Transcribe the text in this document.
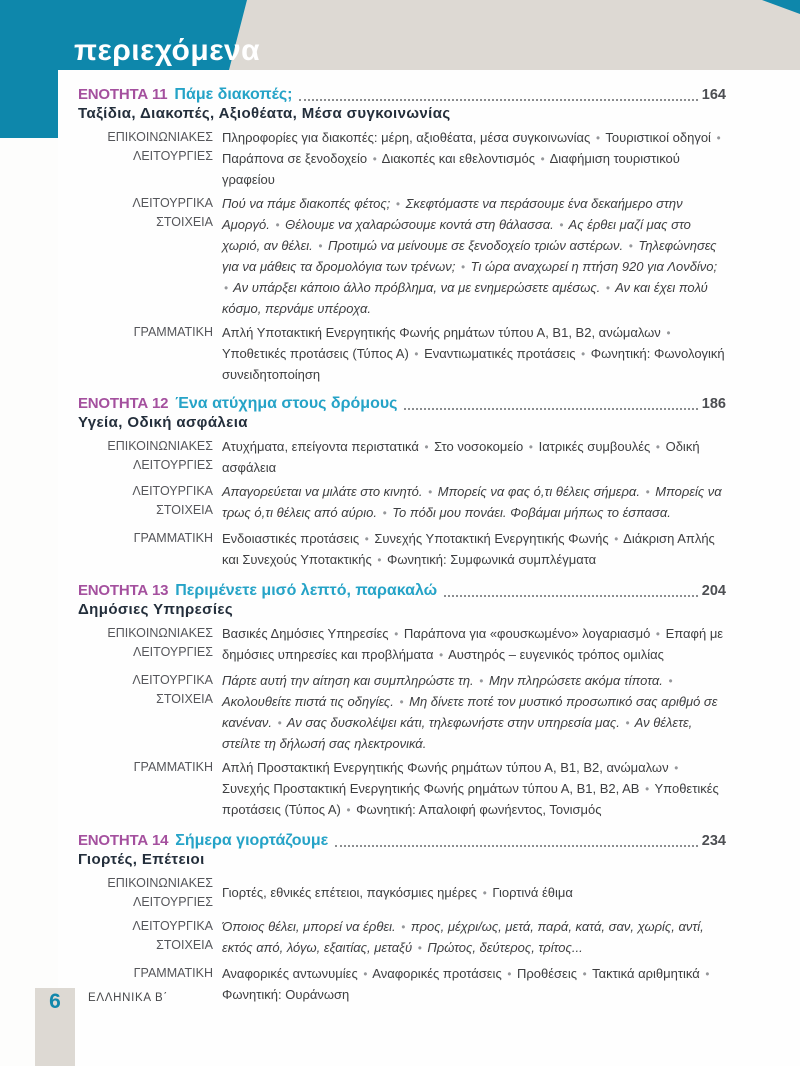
περιεχόμενα
ΕΝΟΤΗΤΑ 11 Πάμε διακοπές;	164
Ταξίδια, Διακοπές, Αξιοθέατα, Μέσα συγκοινωνίας
ΕΠΙΚΟΙΝΩΝΙΑΚΕΣ
ΛΕΙΤΟΥΡΓΙΕΣ
Πληροφορίες για διακοπές: μέρη, αξιοθέατα, μέσα συγκοινωνίας • Τουριστικοί οδηγοί • Παράπονα σε ξενοδοχείο • Διακοπές και εθελοντισμός • Διαφήμιση τουριστικού γραφείου
ΛΕΙΤΟΥΡΓΙΚΑ ΣΤΟΙΧΕΙΑ
Πού να πάμε διακοπές φέτος; • Σκεφτόμαστε να περάσουμε ένα δεκαήμερο στην Αμοργό. • Θέλουμε να χαλαρώσουμε κοντά στη θάλασσα. • Ας έρθει μαζί μας στο χωριό, αν θέλει. • Προτιμώ να μείνουμε σε ξενοδοχείο τριών αστέρων. • Τηλεφώνησες για να μάθεις τα δρομολόγια των τρένων; • Τι ώρα αναχωρεί η πτήση 920 για Λονδίνο; • Αν υπάρξει κάποιο άλλο πρόβλημα, να με ενημερώσετε αμέσως. • Αν και έχει πολύ κόσμο, περνάμε υπέροχα.
ΓΡΑΜΜΑΤΙΚΗ Απλή Υποτακτική Ενεργητικής Φωνής ρημάτων τύπου Α, Β1, Β2, ανώμαλων • Υποθετικές προτάσεις (Τύπος Α) • Εναντιωματικές προτάσεις • Φωνητική: Φωνολογική συνειδητοποίηση
ΕΝΟΤΗΤΑ 12 Ένα ατύχημα στους δρόμους	186
Υγεία, Οδική ασφάλεια
ΕΠΙΚΟΙΝΩΝΙΑΚΕΣ
ΛΕΙΤΟΥΡΓΙΕΣ
Ατυχήματα, επείγοντα περιστατικά • Στο νοσοκομείο • Ιατρικές συμβουλές • Οδική ασφάλεια
ΛΕΙΤΟΥΡΓΙΚΑ ΣΤΟΙΧΕΙΑ
Απαγορεύεται να μιλάτε στο κινητό. • Μπορείς να φας ό,τι θέλεις σήμερα. • Μπορείς να τρως ό,τι θέλεις από αύριο. • Το πόδι μου πονάει. Φοβάμαι μήπως το έσπασα.
ΓΡΑΜΜΑΤΙΚΗ Ενδοιαστικές προτάσεις • Συνεχής Υποτακτική Ενεργητικής Φωνής • Διάκριση Απλής και Συνεχούς Υποτακτικής • Φωνητική: Συμφωνικά συμπλέγματα
ΕΝΟΤΗΤΑ 13 Περιμένετε μισό λεπτό, παρακαλώ	204
Δημόσιες Υπηρεσίες
ΕΠΙΚΟΙΝΩΝΙΑΚΕΣ
ΛΕΙΤΟΥΡΓΙΕΣ
Βασικές Δημόσιες Υπηρεσίες • Παράπονα για «φουσκωμένο» λογαριασμό • Επαφή με δημόσιες υπηρεσίες και προβλήματα • Αυστηρός – ευγενικός τρόπος ομιλίας
ΛΕΙΤΟΥΡΓΙΚΑ ΣΤΟΙΧΕΙΑ
Πάρτε αυτή την αίτηση και συμπληρώστε τη. • Μην πληρώσετε ακόμα τίποτα. • Ακολουθείτε πιστά τις οδηγίες. • Μη δίνετε ποτέ τον μυστικό προσωπικό σας αριθμό σε κανέναν. • Αν σας δυσκολέψει κάτι, τηλεφωνήστε στην υπηρεσία μας. • Αν θέλετε, στείλτε τη δήλωσή σας ηλεκτρονικά.
ΓΡΑΜΜΑΤΙΚΗ Απλή Προστακτική Ενεργητικής Φωνής ρημάτων τύπου Α, Β1, Β2, ανώμαλων • Συνεχής Προστακτική Ενεργητικής Φωνής ρημάτων τύπου Α, Β1, Β2, ΑΒ • Υποθετικές προτάσεις (Τύπος Α) • Φωνητική: Απαλοιφή φωνήεντος, Τονισμός
ΕΝΟΤΗΤΑ 14 Σήμερα γιορτάζουμε	234
Γιορτές, Επέτειοι
ΕΠΙΚΟΙΝΩΝΙΑΚΕΣ
ΛΕΙΤΟΥΡΓΙΕΣ
Γιορτές, εθνικές επέτειοι, παγκόσμιες ημέρες • Γιορτινά έθιμα
ΛΕΙΤΟΥΡΓΙΚΑ ΣΤΟΙΧΕΙΑ
Όποιος θέλει, μπορεί να έρθει. • προς, μέχρι/ως, μετά, παρά, κατά, σαν, χωρίς, αντί, εκτός από, λόγω, εξαιτίας, μεταξύ • Πρώτος, δεύτερος, τρίτος...
ΓΡΑΜΜΑΤΙΚΗ Αναφορικές αντωνυμίες • Αναφορικές προτάσεις • Προθέσεις • Τακτικά αριθμητικά • Φωνητική: Ουράνωση
6	ΕΛΛΗΝΙΚΑ Β΄
